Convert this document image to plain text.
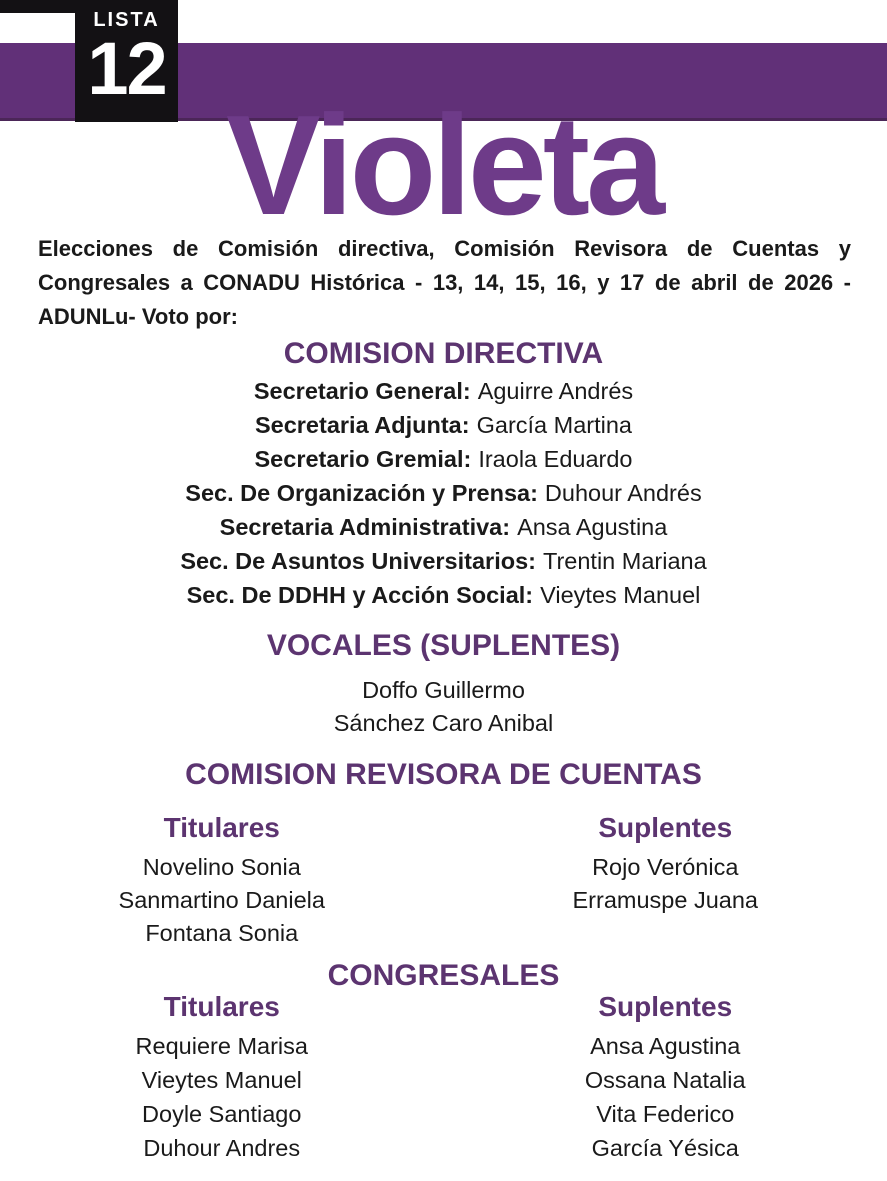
LISTA
12
Violeta

Elecciones de Comisión directiva, Comisión Revisora de Cuentas y Congresales a CONADU Histórica - 13, 14, 15, 16, y 17 de abril de 2026 - ADUNLu- Voto por:

COMISION DIRECTIVA
Secretario General: Aguirre Andrés
Secretaria Adjunta: García Martina
Secretario Gremial: Iraola Eduardo
Sec. De Organización y Prensa: Duhour Andrés
Secretaria Administrativa: Ansa Agustina
Sec. De Asuntos Universitarios: Trentin Mariana
Sec. De DDHH y Acción Social: Vieytes Manuel
VOCALES (SUPLENTES)
Doffo Guillermo
Sánchez Caro Anibal
COMISION REVISORA DE CUENTAS
Titulares
Novelino Sonia
Sanmartino Daniela
Fontana Sonia
Suplentes
Rojo Verónica
Erramuspe Juana
CONGRESALES
Titulares
Requiere Marisa
Vieytes Manuel
Doyle Santiago
Duhour Andres
Suplentes
Ansa Agustina
Ossana Natalia
Vita Federico
García Yésica
